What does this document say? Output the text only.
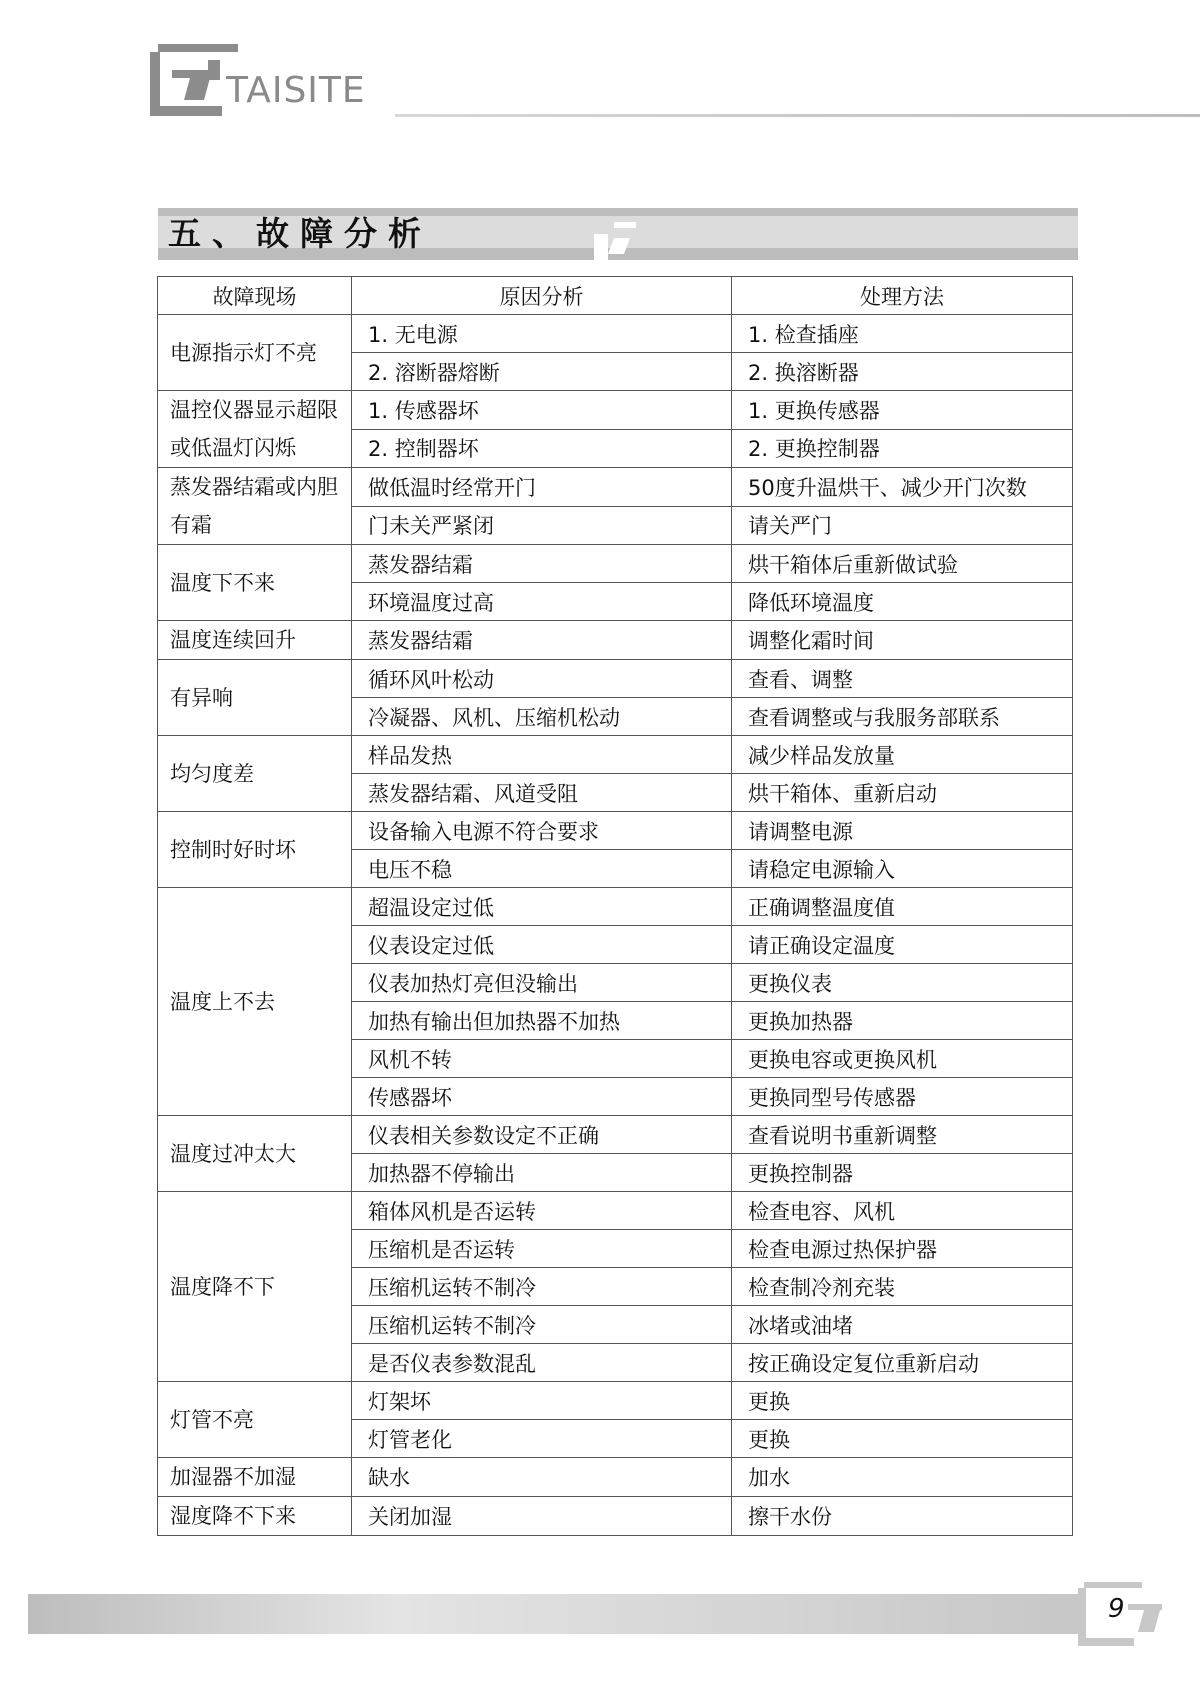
TAISITE
五、故障分析
故障现场	原因分析	处理方法
电源指示灯不亮	1. 无电源	1. 检查插座
	2. 溶断器熔断	2. 换溶断器
温控仪器显示超限或低温灯闪烁	1. 传感器坏	1. 更换传感器
	2. 控制器坏	2. 更换控制器
蒸发器结霜或内胆有霜	做低温时经常开门	50度升温烘干、减少开门次数
	门未关严紧闭	请关严门
温度下不来	蒸发器结霜	烘干箱体后重新做试验
	环境温度过高	降低环境温度
温度连续回升	蒸发器结霜	调整化霜时间
有异响	循环风叶松动	查看、调整
	冷凝器、风机、压缩机松动	查看调整或与我服务部联系
均匀度差	样品发热	减少样品发放量
	蒸发器结霜、风道受阻	烘干箱体、重新启动
控制时好时坏	设备输入电源不符合要求	请调整电源
	电压不稳	请稳定电源输入
温度上不去	超温设定过低	正确调整温度值
	仪表设定过低	请正确设定温度
	仪表加热灯亮但没输出	更换仪表
	加热有输出但加热器不加热	更换加热器
	风机不转	更换电容或更换风机
	传感器坏	更换同型号传感器
温度过冲太大	仪表相关参数设定不正确	查看说明书重新调整
	加热器不停输出	更换控制器
温度降不下	箱体风机是否运转	检查电容、风机
	压缩机是否运转	检查电源过热保护器
	压缩机运转不制冷	检查制冷剂充装
	压缩机运转不制冷	冰堵或油堵
	是否仪表参数混乱	按正确设定复位重新启动
灯管不亮	灯架坏	更换
	灯管老化	更换
加湿器不加湿	缺水	加水
湿度降不下来	关闭加湿	擦干水份
9
